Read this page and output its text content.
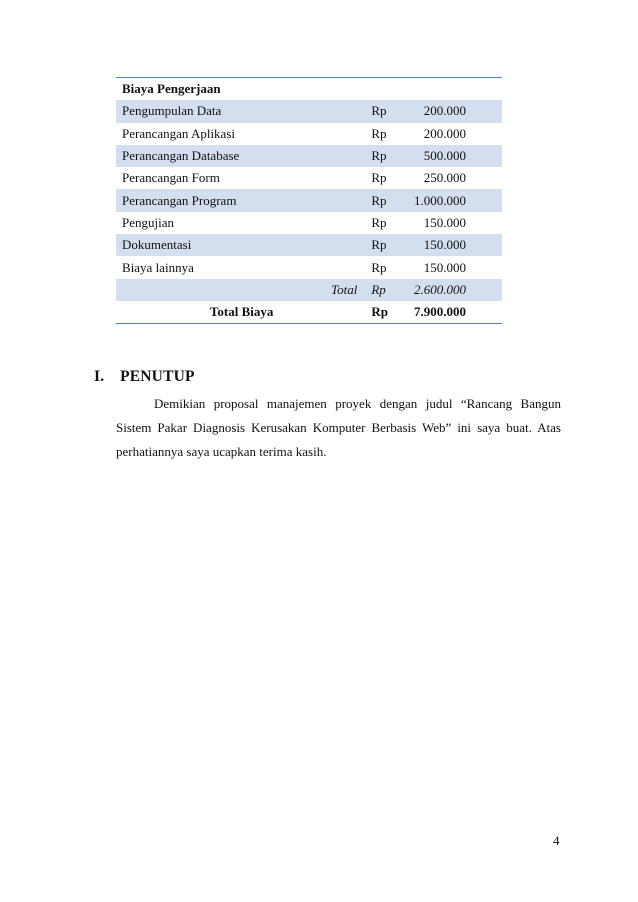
Biaya Pengerjaan			
Pengumpulan Data		Rp	200.000
Perancangan Aplikasi		Rp	200.000
Perancangan Database		Rp	500.000
Perancangan Form		Rp	250.000
Perancangan Program		Rp	1.000.000
Pengujian		Rp	150.000
Dokumentasi		Rp	150.000
Biaya lainnya		Rp	150.000
	Total	Rp	2.600.000
Total Biaya		Rp	7.900.000
I. PENUTUP

Demikian proposal manajemen proyek dengan judul “Rancang Bangun Sistem Pakar Diagnosis Kerusakan Komputer Berbasis Web” ini saya buat. Atas perhatiannya saya ucapkan terima kasih.

4
